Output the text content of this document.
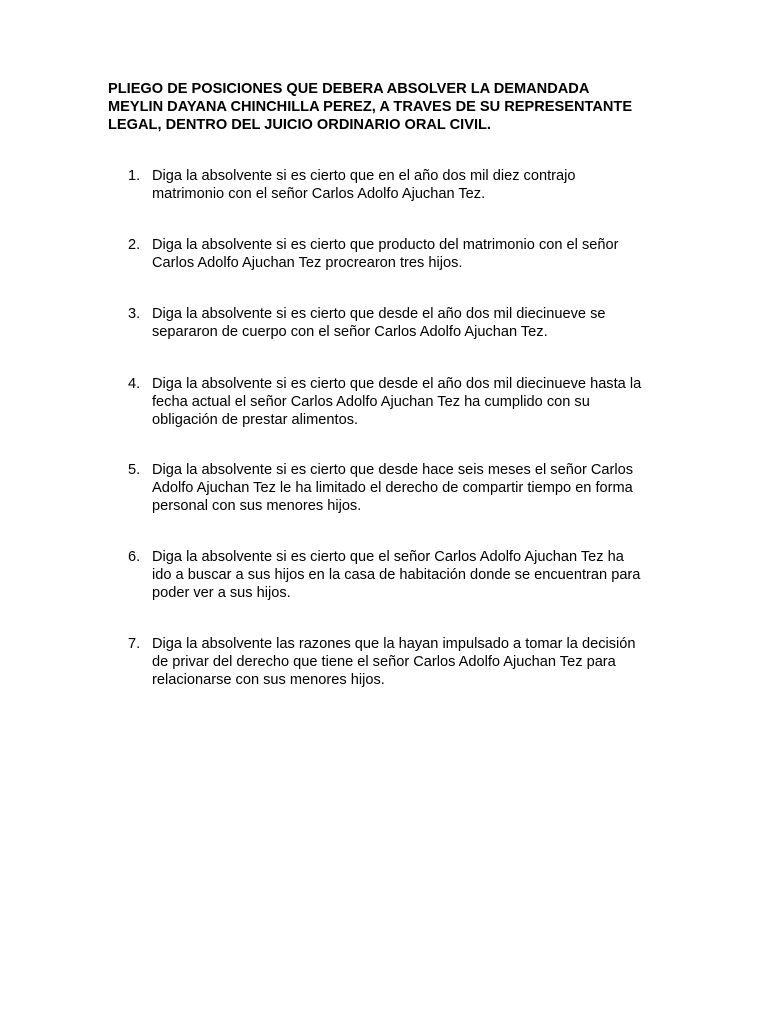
PLIEGO DE POSICIONES QUE DEBERA ABSOLVER LA DEMANDADA
MEYLIN DAYANA CHINCHILLA PEREZ, A TRAVES DE SU REPRESENTANTE
LEGAL, DENTRO DEL JUICIO ORDINARIO ORAL CIVIL.
1. Diga la absolvente si es cierto que en el año dos mil diez contrajo
matrimonio con el señor Carlos Adolfo Ajuchan Tez.
2. Diga la absolvente si es cierto que producto del matrimonio con el señor
Carlos Adolfo Ajuchan Tez procrearon tres hijos.
3. Diga la absolvente si es cierto que desde el año dos mil diecinueve se
separaron de cuerpo con el señor Carlos Adolfo Ajuchan Tez.
4. Diga la absolvente si es cierto que desde el año dos mil diecinueve hasta la
fecha actual el señor Carlos Adolfo Ajuchan Tez ha cumplido con su
obligación de prestar alimentos.
5. Diga la absolvente si es cierto que desde hace seis meses el señor Carlos
Adolfo Ajuchan Tez le ha limitado el derecho de compartir tiempo en forma
personal con sus menores hijos.
6. Diga la absolvente si es cierto que el señor Carlos Adolfo Ajuchan Tez ha
ido a buscar a sus hijos en la casa de habitación donde se encuentran para
poder ver a sus hijos.
7. Diga la absolvente las razones que la hayan impulsado a tomar la decisión
de privar del derecho que tiene el señor Carlos Adolfo Ajuchan Tez para
relacionarse con sus menores hijos.
